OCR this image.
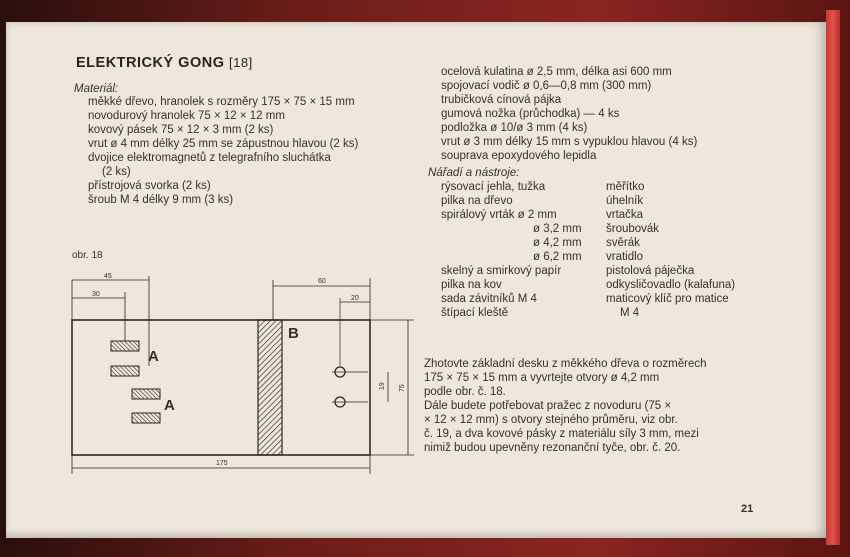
ELEKTRICKÝ GONG [18]
Materiál:
měkké dřevo, hranolek s rozměry 175 × 75 × 15 mm
novodurový hranolek 75 × 12 × 12 mm
kovový pásek 75 × 12 × 3 mm (2 ks)
vrut ø 4 mm délky 25 mm se zápustnou hlavou (2 ks)
dvojice elektromagnetů z telegrafního sluchátka
(2 ks)
přístrojová svorka (2 ks)
šroub M 4 délky 9 mm (3 ks)
obr. 18
A
A
B
45
30
60
20
19 75
175
ocelová kulatina ø 2,5 mm, délka asi 600 mm
spojovací vodič ø 0,6—0,8 mm (300 mm)
trubičková cínová pájka
gumová nožka (průchodka) — 4 ks
podložka ø 10/ø 3 mm (4 ks)
vrut ø 3 mm délky 15 mm s vypuklou hlavou (4 ks)
souprava epoxydového lepidla
Nářadí a nástroje:
rýsovací jehla, tužka
pilka na dřevo
spirálový vrták ø 2 mm
ø 3,2 mm
ø 4,2 mm
ø 6,2 mm
skelný a smirkový papír
pilka na kov
sada závitníků M 4
štípací kleště
měřítko
úhelník
vrtačka
šroubovák
svěrák
vratidlo
pistolová páječka
odkysličovadlo (kalafuna)
maticový klíč pro matice
M 4
Zhotovte základní desku z měkkého dřeva o rozměrech
175 × 75 × 15 mm a vyvrtejte otvory ø 4,2 mm
podle obr. č. 18.
Dále budete potřebovat pražec z novoduru (75 ×
× 12 × 12 mm) s otvory stejného průměru, viz obr.
č. 19, a dva kovové pásky z materiálu síly 3 mm, mezi
nimiž budou upevněny rezonanční tyče, obr. č. 20.
21
